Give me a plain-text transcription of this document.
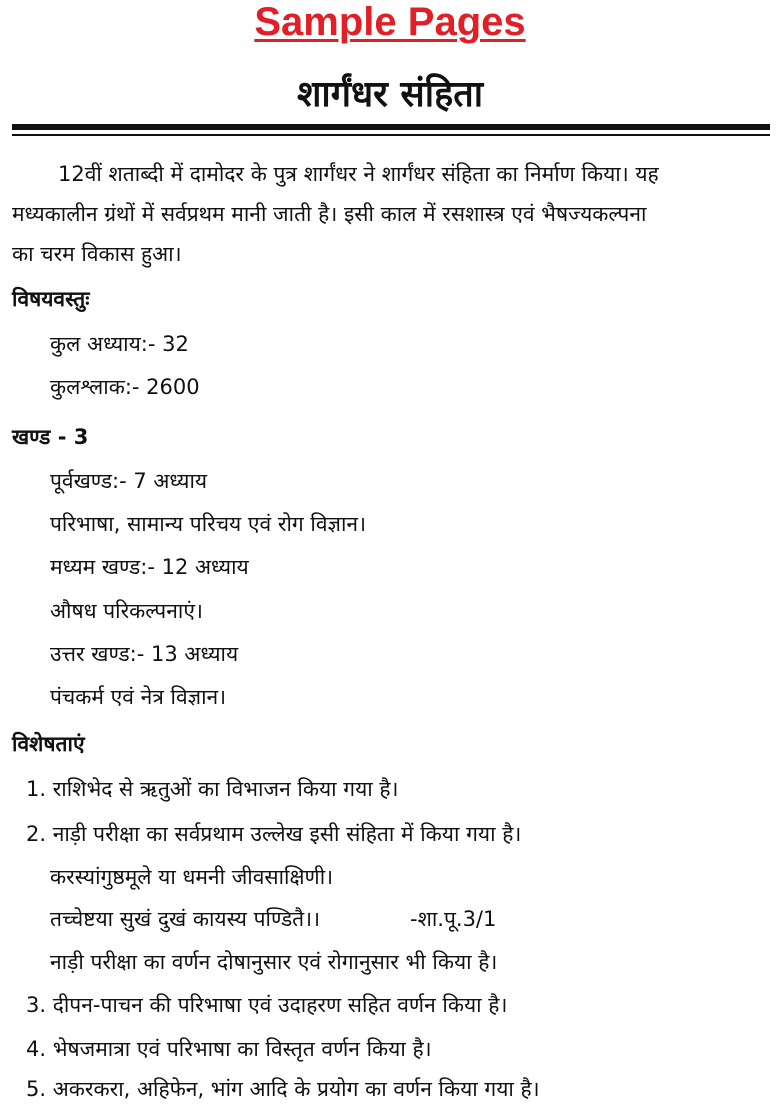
Sample Pages
शार्गंधर संहिता
12वीं शताब्दी में दामोदर के पुत्र शार्गंधर ने शार्गंधर संहिता का निर्माण किया। यह
मध्यकालीन ग्रंथों में सर्वप्रथम मानी जाती है। इसी काल में रसशास्त्र एवं भैषज्यकल्पना
का चरम विकास हुआ।
विषयवस्तुः
कुल अध्याय:- 32
कुलश्लाक:- 2600
खण्ड - 3
पूर्वखण्ड:- 7 अध्याय
परिभाषा, सामान्य परिचय एवं रोग विज्ञान।
मध्यम खण्ड:- 12 अध्याय
औषध परिकल्पनाएं।
उत्तर खण्ड:- 13 अध्याय
पंचकर्म एवं नेत्र विज्ञान।
विशेषताएं
1. राशिभेद से ऋतुओं का विभाजन किया गया है।
2. नाड़ी परीक्षा का सर्वप्रथाम उल्लेख इसी संहिता में किया गया है।
करस्यांगुष्ठमूले या धमनी जीवसाक्षिणी।
तच्चेष्टया सुखं दुखं कायस्य पण्डितै।।	-शा.पू.3/1
नाड़ी परीक्षा का वर्णन दोषानुसार एवं रोगानुसार भी किया है।
3. दीपन-पाचन की परिभाषा एवं उदाहरण सहित वर्णन किया है।
4. भेषजमात्रा एवं परिभाषा का विस्तृत वर्णन किया है।
5. अकरकरा, अहिफेन, भांग आदि के प्रयोग का वर्णन किया गया है।
